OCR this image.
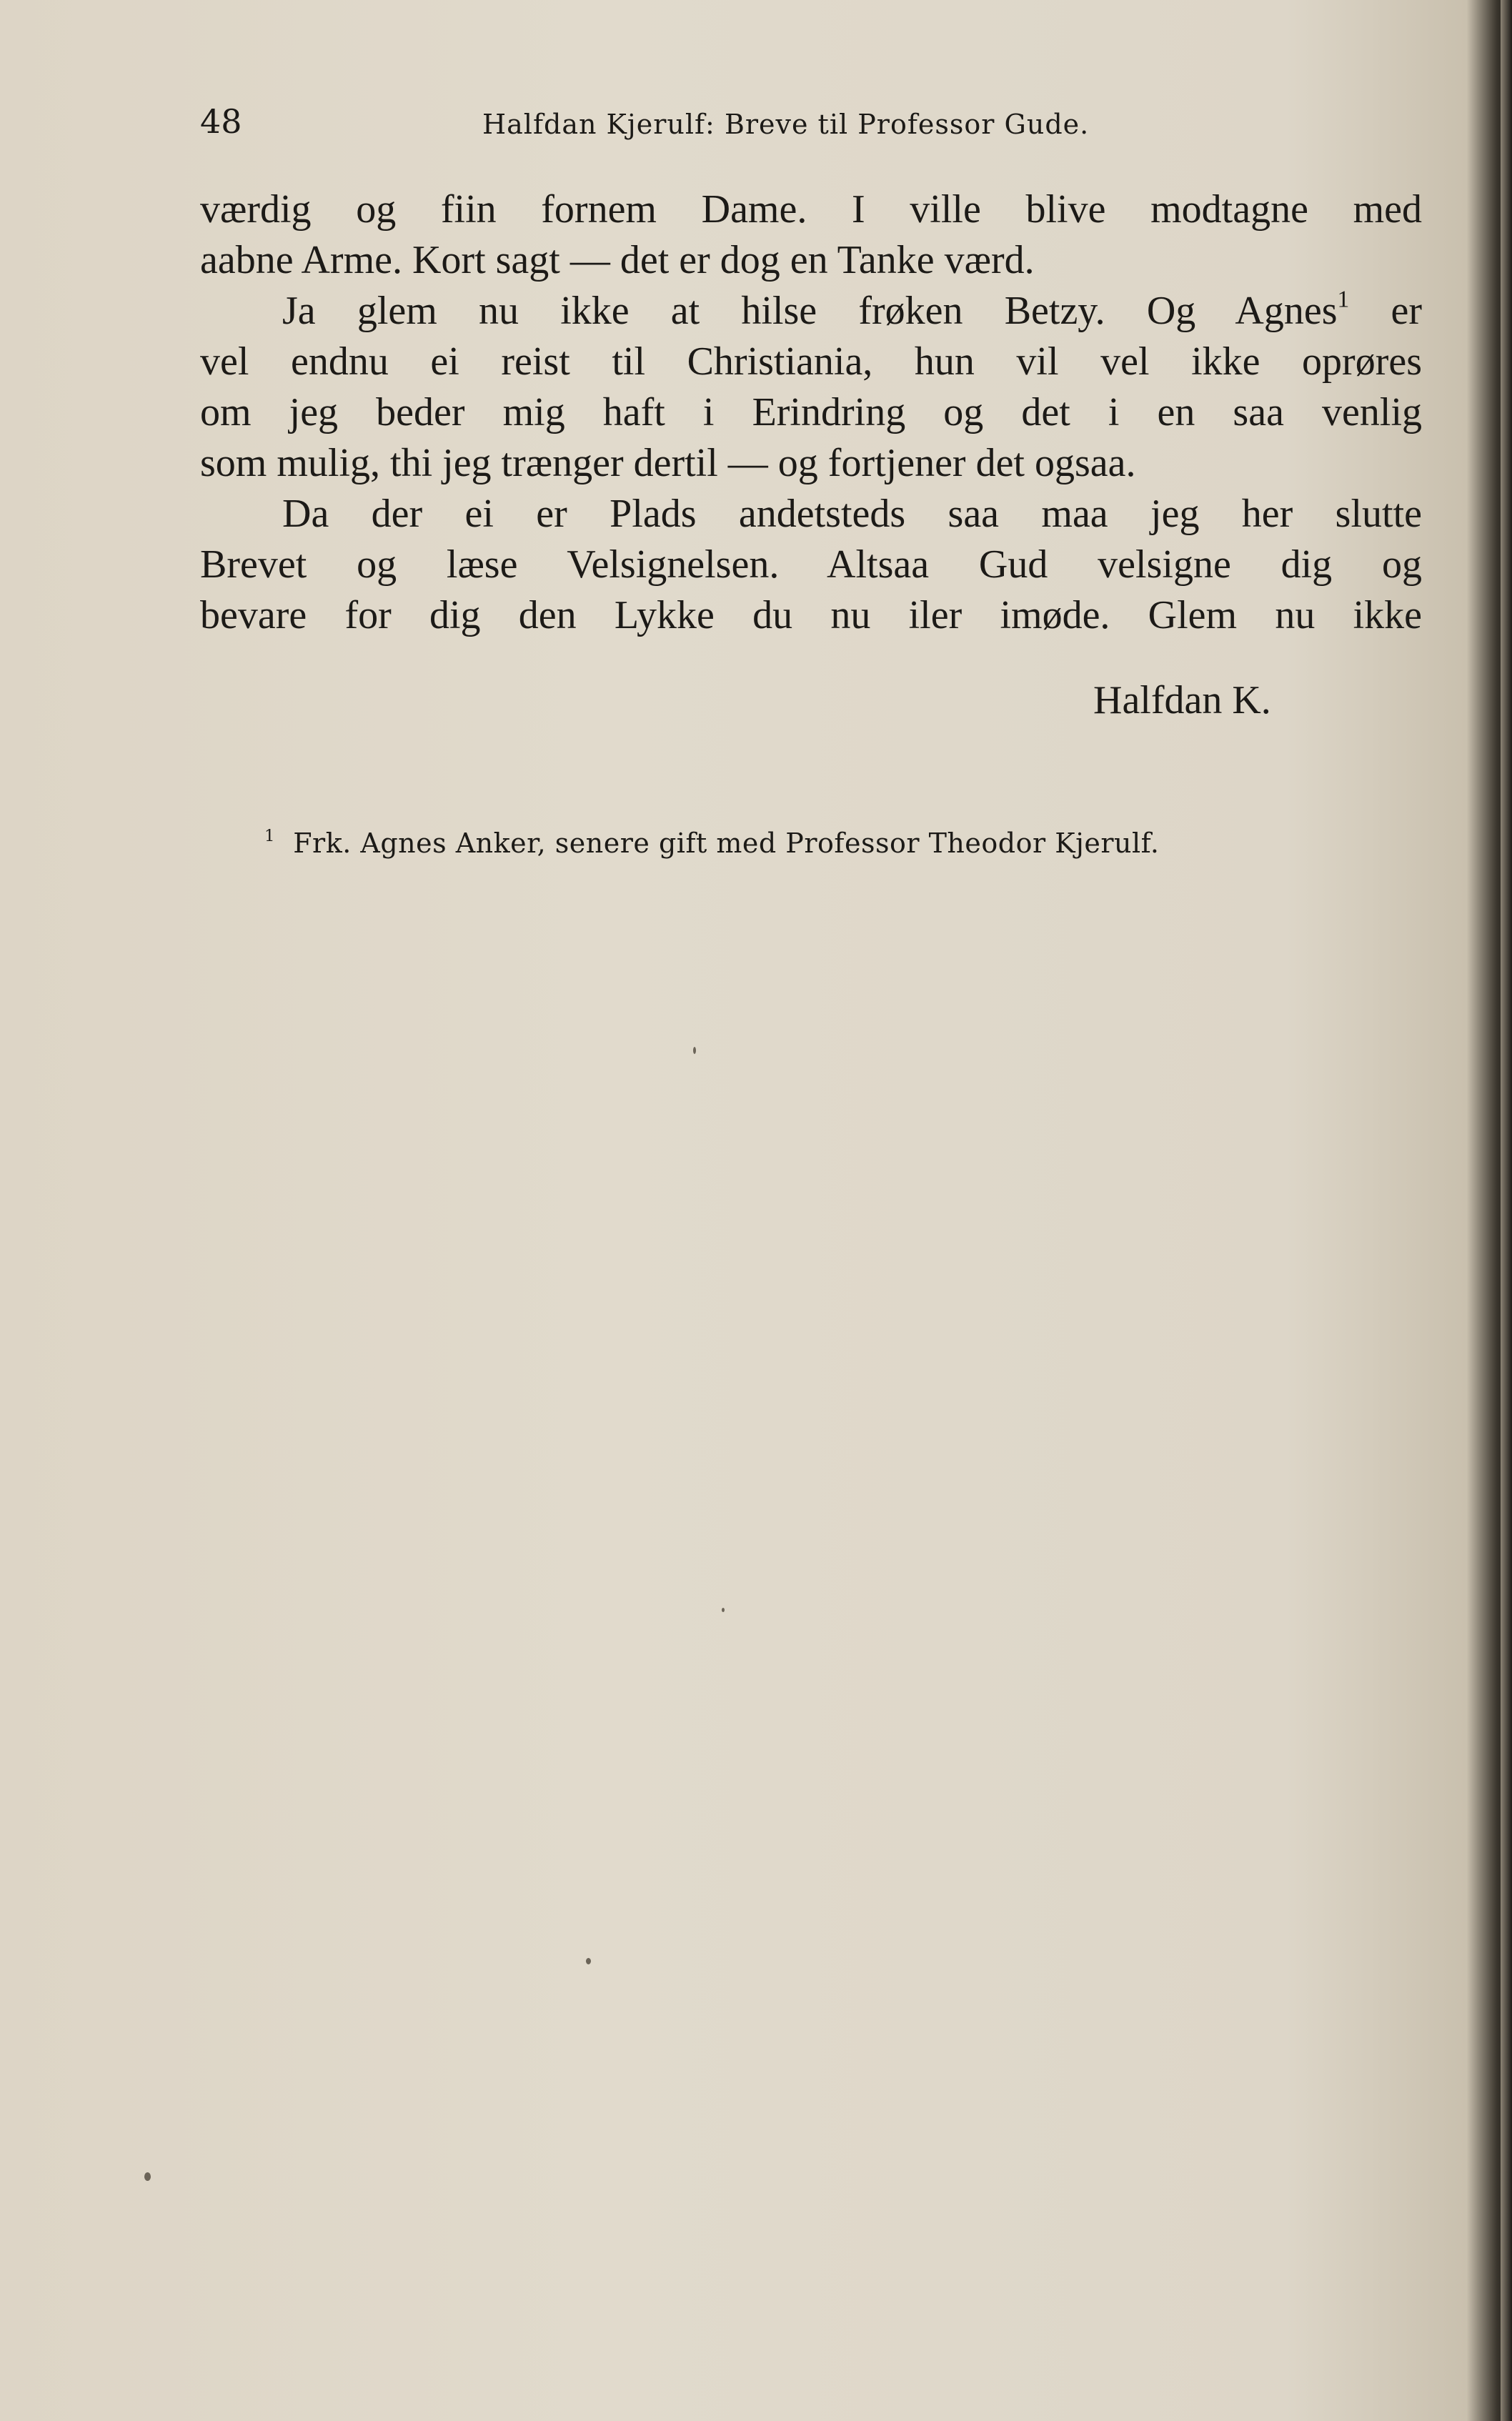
48	Halfdan Kjerulf: Breve til Professor Gude.
værdig og fiin fornem Dame. I ville blive modtagne med
aabne Arme. Kort sagt — det er dog en Tanke værd.
Ja glem nu ikke at hilse frøken Betzy. Og Agnes$^1$ er
vel endnu ei reist til Christiania, hun vil vel ikke oprøres
om jeg beder mig haft i Erindring og det i en saa venlig
som mulig, thi jeg trænger dertil — og fortjener det ogsaa.
Da der ei er Plads andetsteds saa maa jeg her slutte
Brevet og læse Velsignelsen. Altsaa Gud velsigne dig og
bevare for dig den Lykke du nu iler imøde. Glem nu ikke
Halfdan K.
$^1$ Frk. Agnes Anker, senere gift med Professor Theodor Kjerulf.
